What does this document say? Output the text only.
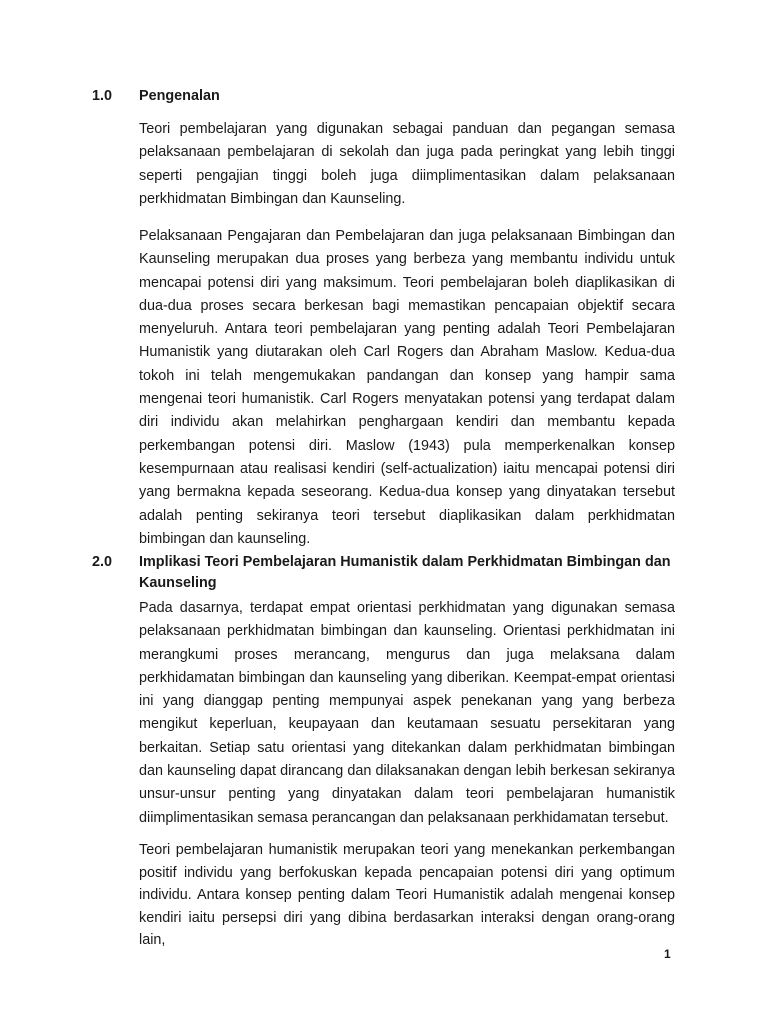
1.0 Pengenalan

Teori pembelajaran yang digunakan sebagai panduan dan pegangan semasa pelaksanaan pembelajaran di sekolah dan juga pada peringkat yang lebih tinggi seperti pengajian tinggi boleh juga diimplimentasikan dalam pelaksanaan perkhidmatan Bimbingan dan Kaunseling.

Pelaksanaan Pengajaran dan Pembelajaran dan juga pelaksanaan Bimbingan dan Kaunseling merupakan dua proses yang berbeza yang membantu individu untuk mencapai potensi diri yang maksimum. Teori pembelajaran boleh diaplikasikan di dua-dua proses secara berkesan bagi memastikan pencapaian objektif secara menyeluruh. Antara teori pembelajaran yang penting adalah Teori Pembelajaran Humanistik yang diutarakan oleh Carl Rogers dan Abraham Maslow. Kedua-dua tokoh ini telah mengemukakan pandangan dan konsep yang hampir sama mengenai teori humanistik. Carl Rogers menyatakan potensi yang terdapat dalam diri individu akan melahirkan penghargaan kendiri dan membantu kepada perkembangan potensi diri. Maslow (1943) pula memperkenalkan konsep kesempurnaan atau realisasi kendiri (self-actualization) iaitu mencapai potensi diri yang bermakna kepada seseorang. Kedua-dua konsep yang dinyatakan tersebut adalah penting sekiranya teori tersebut diaplikasikan dalam perkhidmatan bimbingan dan kaunseling.

2.0 Implikasi Teori Pembelajaran Humanistik dalam Perkhidmatan Bimbingan dan Kaunseling

Pada dasarnya, terdapat empat orientasi perkhidmatan yang digunakan semasa pelaksanaan perkhidmatan bimbingan dan kaunseling. Orientasi perkhidmatan ini merangkumi proses merancang, mengurus dan juga melaksana dalam perkhidamatan bimbingan dan kaunseling yang diberikan. Keempat-empat orientasi ini yang dianggap penting mempunyai aspek penekanan yang yang berbeza mengikut keperluan, keupayaan dan keutamaan sesuatu persekitaran yang berkaitan. Setiap satu orientasi yang ditekankan dalam perkhidmatan bimbingan dan kaunseling dapat dirancang dan dilaksanakan dengan lebih berkesan sekiranya unsur-unsur penting yang dinyatakan dalam teori pembelajaran humanistik diimplimentasikan semasa perancangan dan pelaksanaan perkhidamatan tersebut.

Teori pembelajaran humanistik merupakan teori yang menekankan perkembangan positif individu yang berfokuskan kepada pencapaian potensi diri yang optimum individu. Antara konsep penting dalam Teori Humanistik adalah mengenai konsep kendiri iaitu persepsi diri yang dibina berdasarkan interaksi dengan orang-orang lain,

1
